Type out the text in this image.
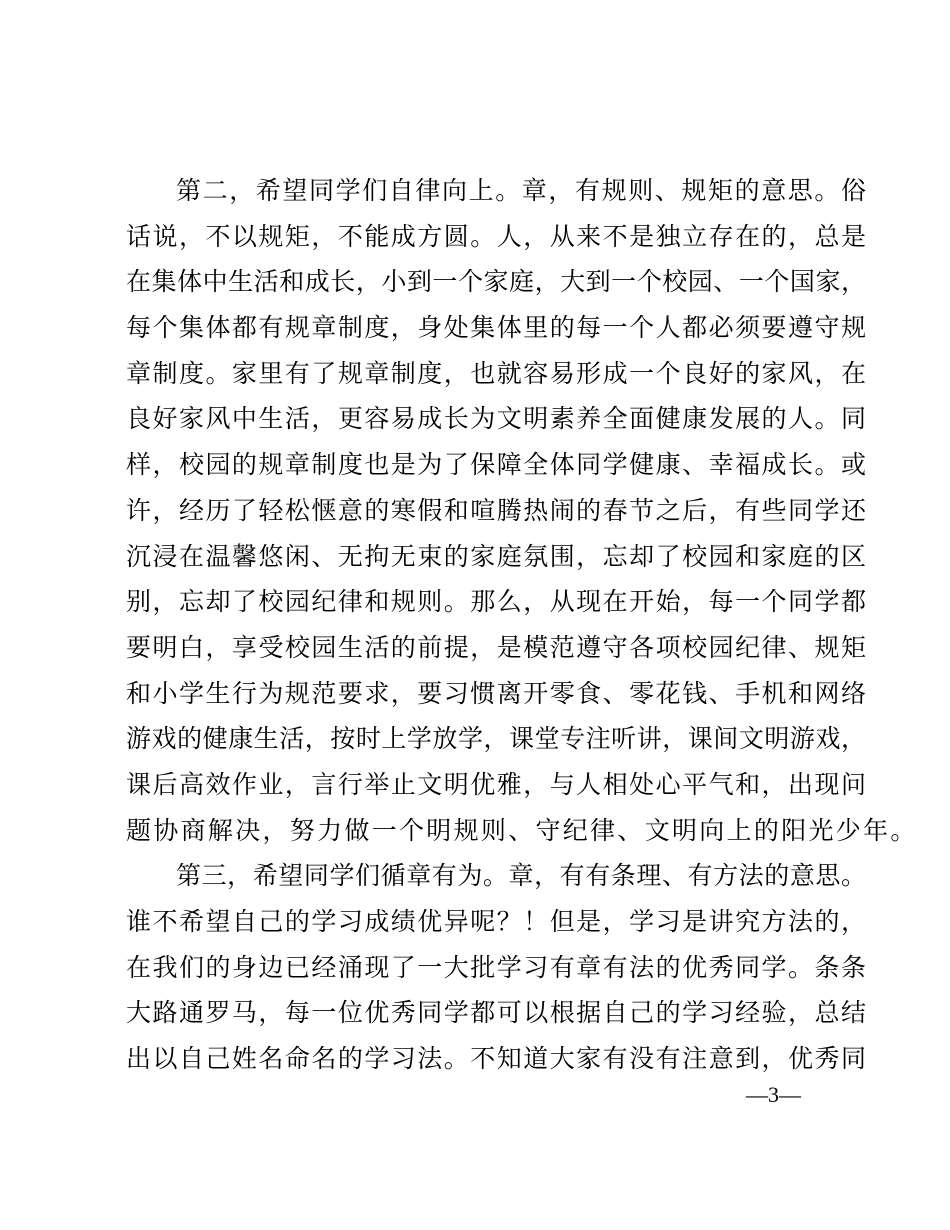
第二，希望同学们自律向上。章，有规则、规矩的意思。俗
话说，不以规矩，不能成方圆。人，从来不是独立存在的，总是
在集体中生活和成长，小到一个家庭，大到一个校园、一个国家，
每个集体都有规章制度，身处集体里的每一个人都必须要遵守规
章制度。家里有了规章制度，也就容易形成一个良好的家风，在
良好家风中生活，更容易成长为文明素养全面健康发展的人。同
样，校园的规章制度也是为了保障全体同学健康、幸福成长。或
许，经历了轻松惬意的寒假和喧腾热闹的春节之后，有些同学还
沉浸在温馨悠闲、无拘无束的家庭氛围，忘却了校园和家庭的区
别，忘却了校园纪律和规则。那么，从现在开始，每一个同学都
要明白，享受校园生活的前提，是模范遵守各项校园纪律、规矩
和小学生行为规范要求，要习惯离开零食、零花钱、手机和网络
游戏的健康生活，按时上学放学，课堂专注听讲，课间文明游戏，
课后高效作业，言行举止文明优雅，与人相处心平气和，出现问
题协商解决，努力做一个明规则、守纪律、文明向上的阳光少年。
第三，希望同学们循章有为。章，有有条理、有方法的意思。
谁不希望自己的学习成绩优异呢？！但是，学习是讲究方法的，
在我们的身边已经涌现了一大批学习有章有法的优秀同学。条条
大路通罗马，每一位优秀同学都可以根据自己的学习经验，总结
出以自己姓名命名的学习法。不知道大家有没有注意到，优秀同
—3—
